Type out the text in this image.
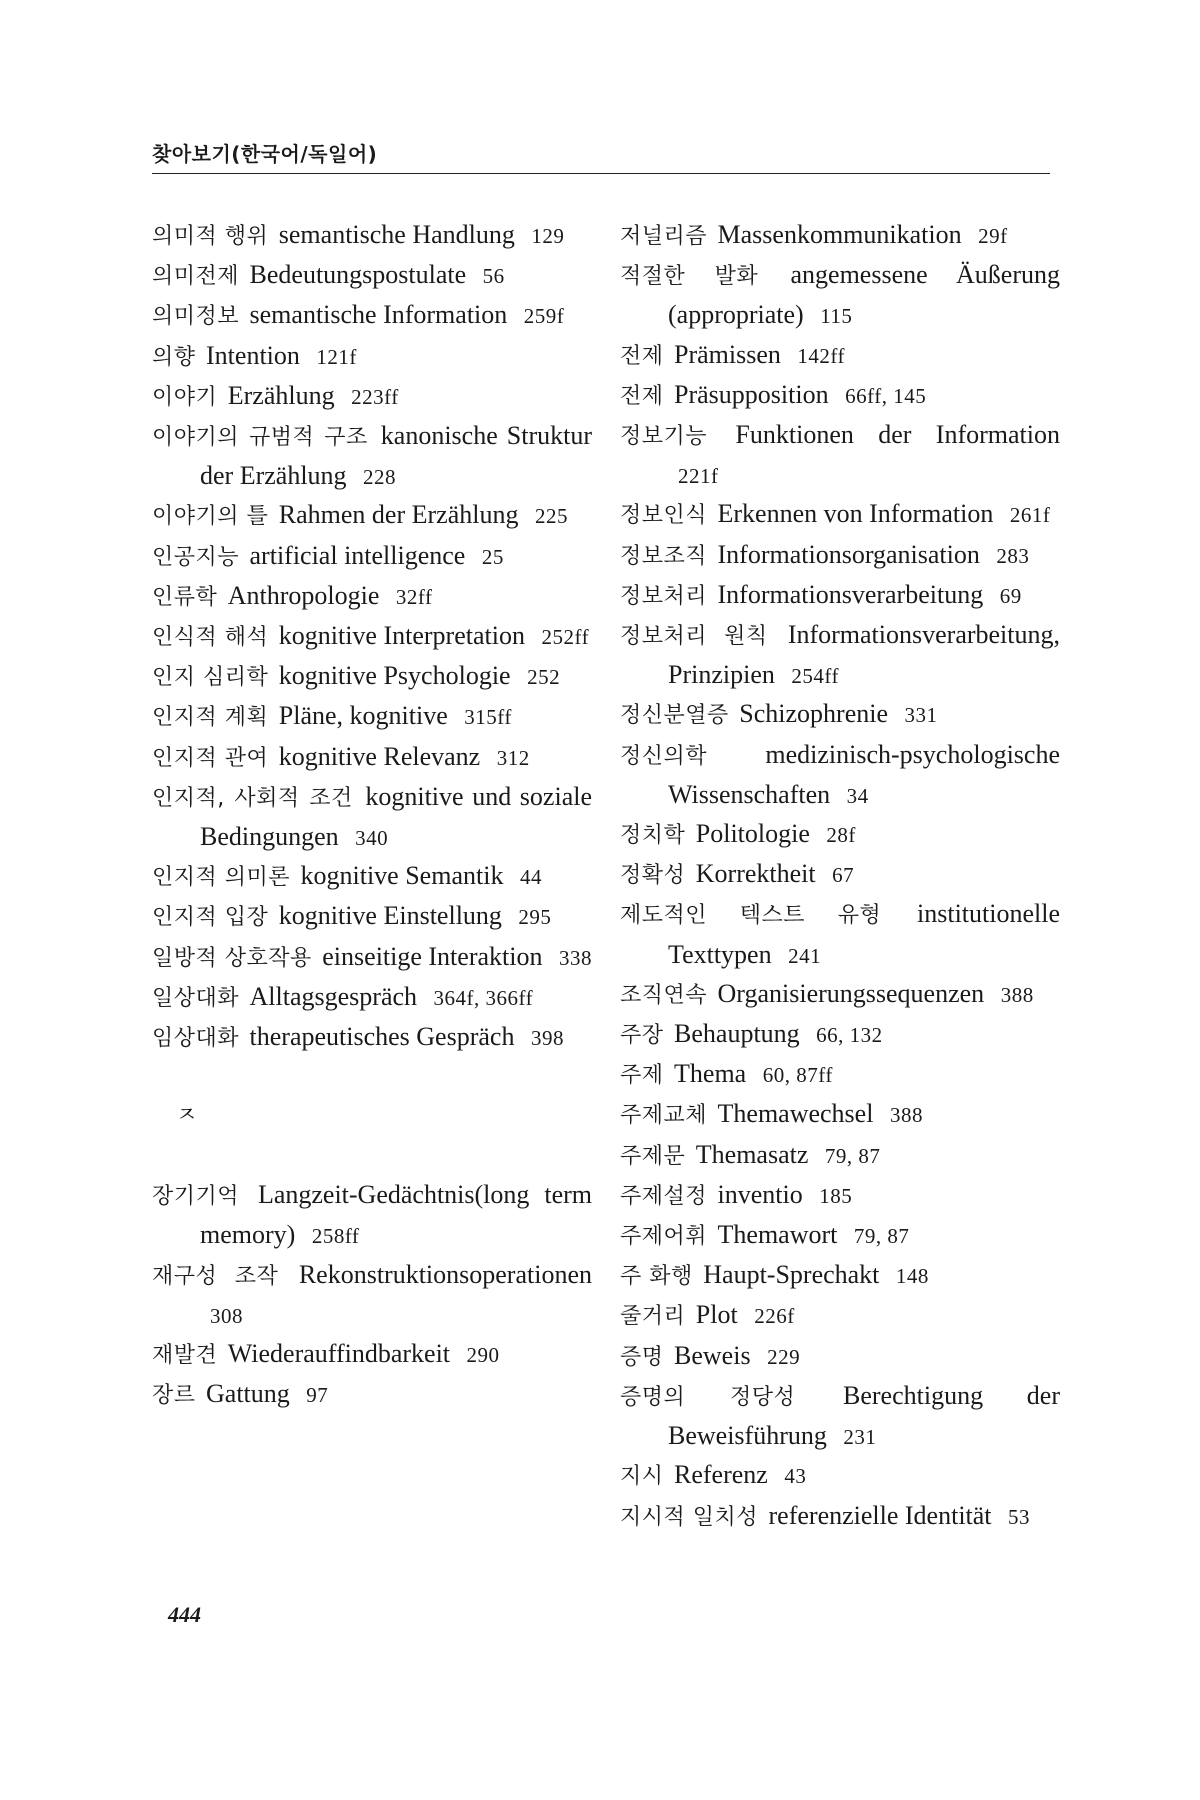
찾아보기(한국어/독일어)
의미적 행위 semantische Handlung 129
의미전제 Bedeutungspostulate 56
의미정보 semantische Information 259f
의향 Intention 121f
이야기 Erzählung 223ff
이야기의 규범적 구조 kanonische Struktur der Erzählung 228
이야기의 틀 Rahmen der Erzählung 225
인공지능 artificial intelligence 25
인류학 Anthropologie 32ff
인식적 해석 kognitive Interpretation 252ff
인지 심리학 kognitive Psychologie 252
인지적 계획 Pläne, kognitive 315ff
인지적 관여 kognitive Relevanz 312
인지적, 사회적 조건 kognitive und soziale Bedingungen 340
인지적 의미론 kognitive Semantik 44
인지적 입장 kognitive Einstellung 295
일방적 상호작용 einseitige Interaktion 338
일상대화 Alltagsgespräch 364f, 366ff
임상대화 therapeutisches Gespräch 398
ㅈ
장기기억 Langzeit-Gedächtnis(long term memory) 258ff
재구성 조작 Rekonstruktionsoperationen 308
재발견 Wiederauffindbarkeit 290
장르 Gattung 97
저널리즘 Massenkommunikation 29f
적절한 발화 angemessene Äußerung (appropriate) 115
전제 Prämissen 142ff
전제 Präsupposition 66ff, 145
정보기능 Funktionen der Information 221f
정보인식 Erkennen von Information 261f
정보조직 Informationsorganisation 283
정보처리 Informationsverarbeitung 69
정보처리 원칙 Informationsverarbeitung, Prinzipien 254ff
정신분열증 Schizophrenie 331
정신의학 medizinisch-psychologische Wissenschaften 34
정치학 Politologie 28f
정확성 Korrektheit 67
제도적인 텍스트 유형 institutionelle Texttypen 241
조직연속 Organisierungssequenzen 388
주장 Behauptung 66, 132
주제 Thema 60, 87ff
주제교체 Themawechsel 388
주제문 Themasatz 79, 87
주제설정 inventio 185
주제어휘 Themawort 79, 87
주 화행 Haupt-Sprechakt 148
줄거리 Plot 226f
증명 Beweis 229
증명의 정당성 Berechtigung der Beweisführung 231
지시 Referenz 43
지시적 일치성 referenzielle Identität 53
444
